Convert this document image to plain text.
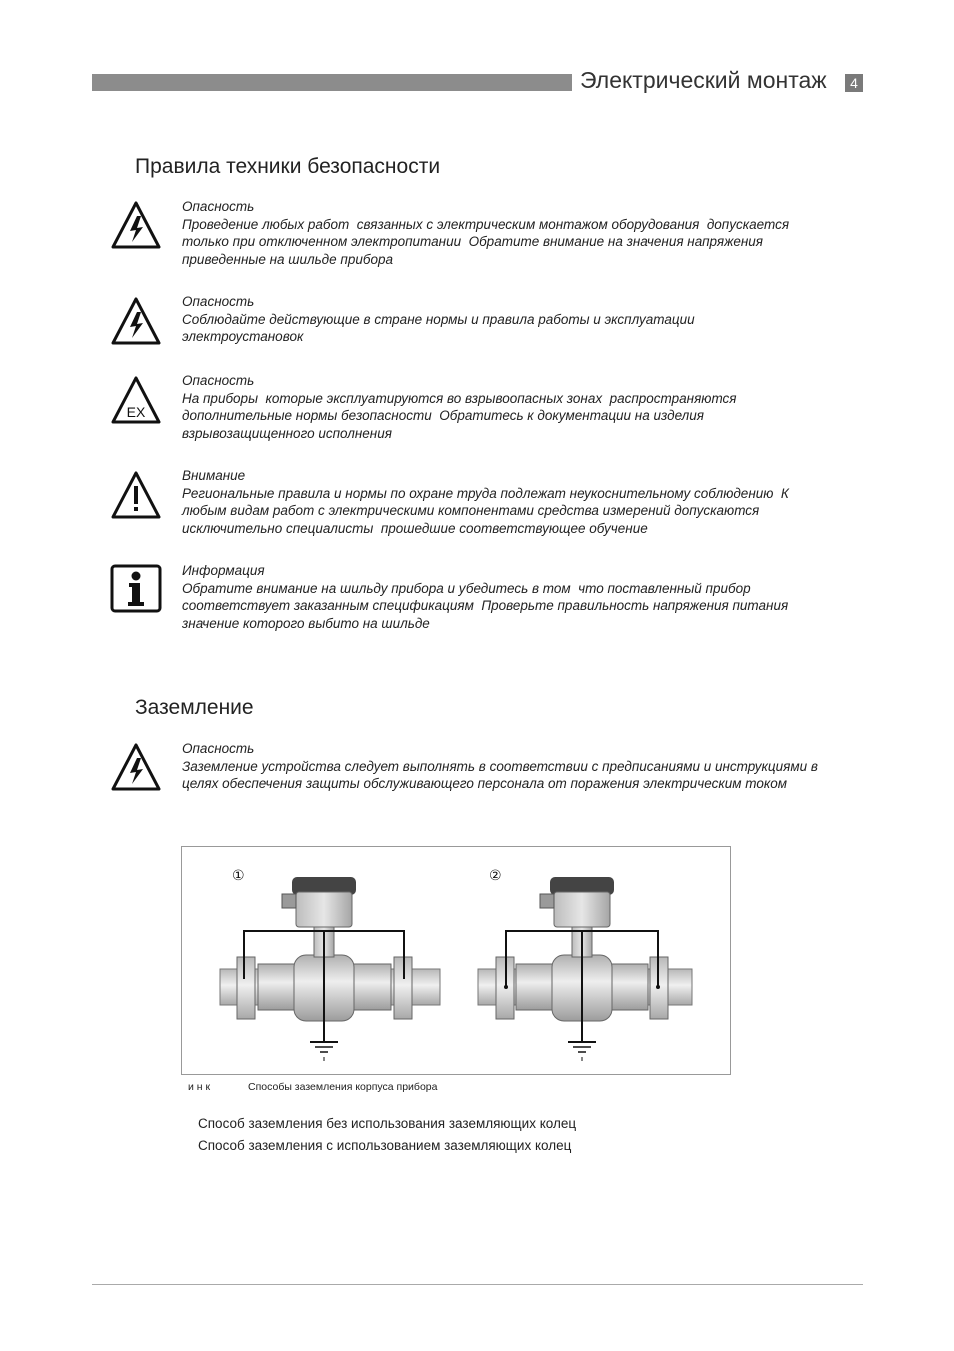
Электрический монтаж	4
Правила техники безопасности
Опасность
Проведение любых работ  связанных с электрическим монтажом оборудования  допускается
только при отключенном электропитании  Обратите внимание на значения напряжения
приведенные на шильде прибора
Опасность
Соблюдайте действующие в стране нормы и правила работы и эксплуатации
электроустановок
EX
Опасность
На приборы  которые эксплуатируются во взрывоопасных зонах  распространяются
дополнительные нормы безопасности  Обратитесь к документации на изделия
взрывозащищенного исполнения
Внимание
Региональные правила и нормы по охране труда подлежат неукоснительному соблюдению  К
любым видам работ с электрическими компонентами средства измерений допускаются
исключительно специалисты  прошедшие соответствующее обучение
Информация
Обратите внимание на шильду прибора и убедитесь в том  что поставленный прибор
соответствует заказанным спецификациям  Проверьте правильность напряжения питания
значение которого выбито на шильде
Заземление
Опасность
Заземление устройства следует выполнять в соответствии с предписаниями и инструкциями в
целях обеспечения защиты обслуживающего персонала от поражения электрическим током
①	②
и н к	Способы заземления корпуса прибора
Способ заземления без использования заземляющих колец
Способ заземления с использованием заземляющих колец
